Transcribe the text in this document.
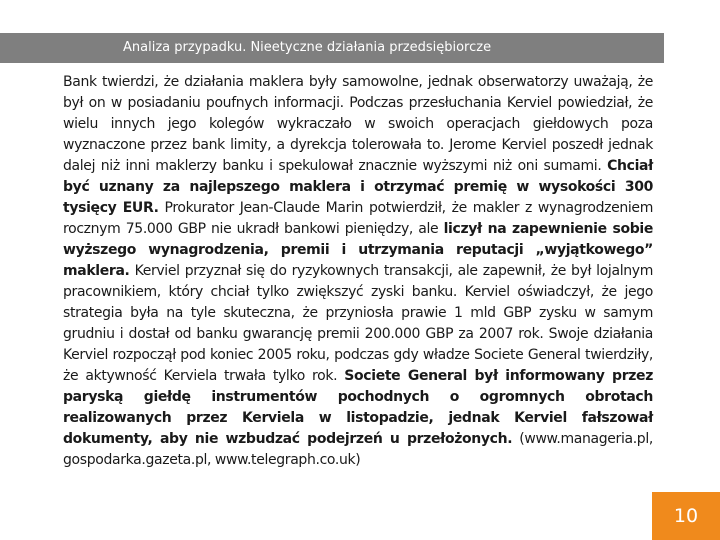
Analiza przypadku. Nieetyczne działania przedsiębiorcze
Bank twierdzi, że działania maklera były samowolne, jednak obserwatorzy uważają, że był on w posiadaniu poufnych informacji. Podczas przesłuchania Kerviel powiedział, że wielu innych jego kolegów wykraczało w swoich operacjach giełdowych poza wyznaczone przez bank limity, a dyrekcja tolerowała to. Jerome Kerviel poszedł jednak dalej niż inni maklerzy banku i spekulował znacznie wyższymi niż oni sumami. Chciał być uznany za najlepszego maklera i otrzymać premię w wysokości 300 tysięcy EUR. Prokurator Jean-Claude Marin potwierdził, że makler z wynagrodzeniem rocznym 75.000 GBP nie ukradł bankowi pieniędzy, ale liczył na zapewnienie sobie wyższego wynagrodzenia, premii i utrzymania reputacji „wyjątkowego” maklera. Kerviel przyznał się do ryzykownych transakcji, ale zapewnił, że był lojalnym pracownikiem, który chciał tylko zwiększyć zyski banku. Kerviel oświadczył, że jego strategia była na tyle skuteczna, że przyniosła prawie 1 mld GBP zysku w samym grudniu i dostał od banku gwarancję premii 200.000 GBP za 2007 rok. Swoje działania Kerviel rozpoczął pod koniec 2005 roku, podczas gdy władze Societe General twierdziły, że aktywność Kerviela trwała tylko rok. Societe General był informowany przez paryską giełdę instrumentów pochodnych o ogromnych obrotach realizowanych przez Kerviela w listopadzie, jednak Kerviel fałszował dokumenty, aby nie wzbudzać podejrzeń u przełożonych. (www.manageria.pl, gospodarka.gazeta.pl, www.telegraph.co.uk)
10
